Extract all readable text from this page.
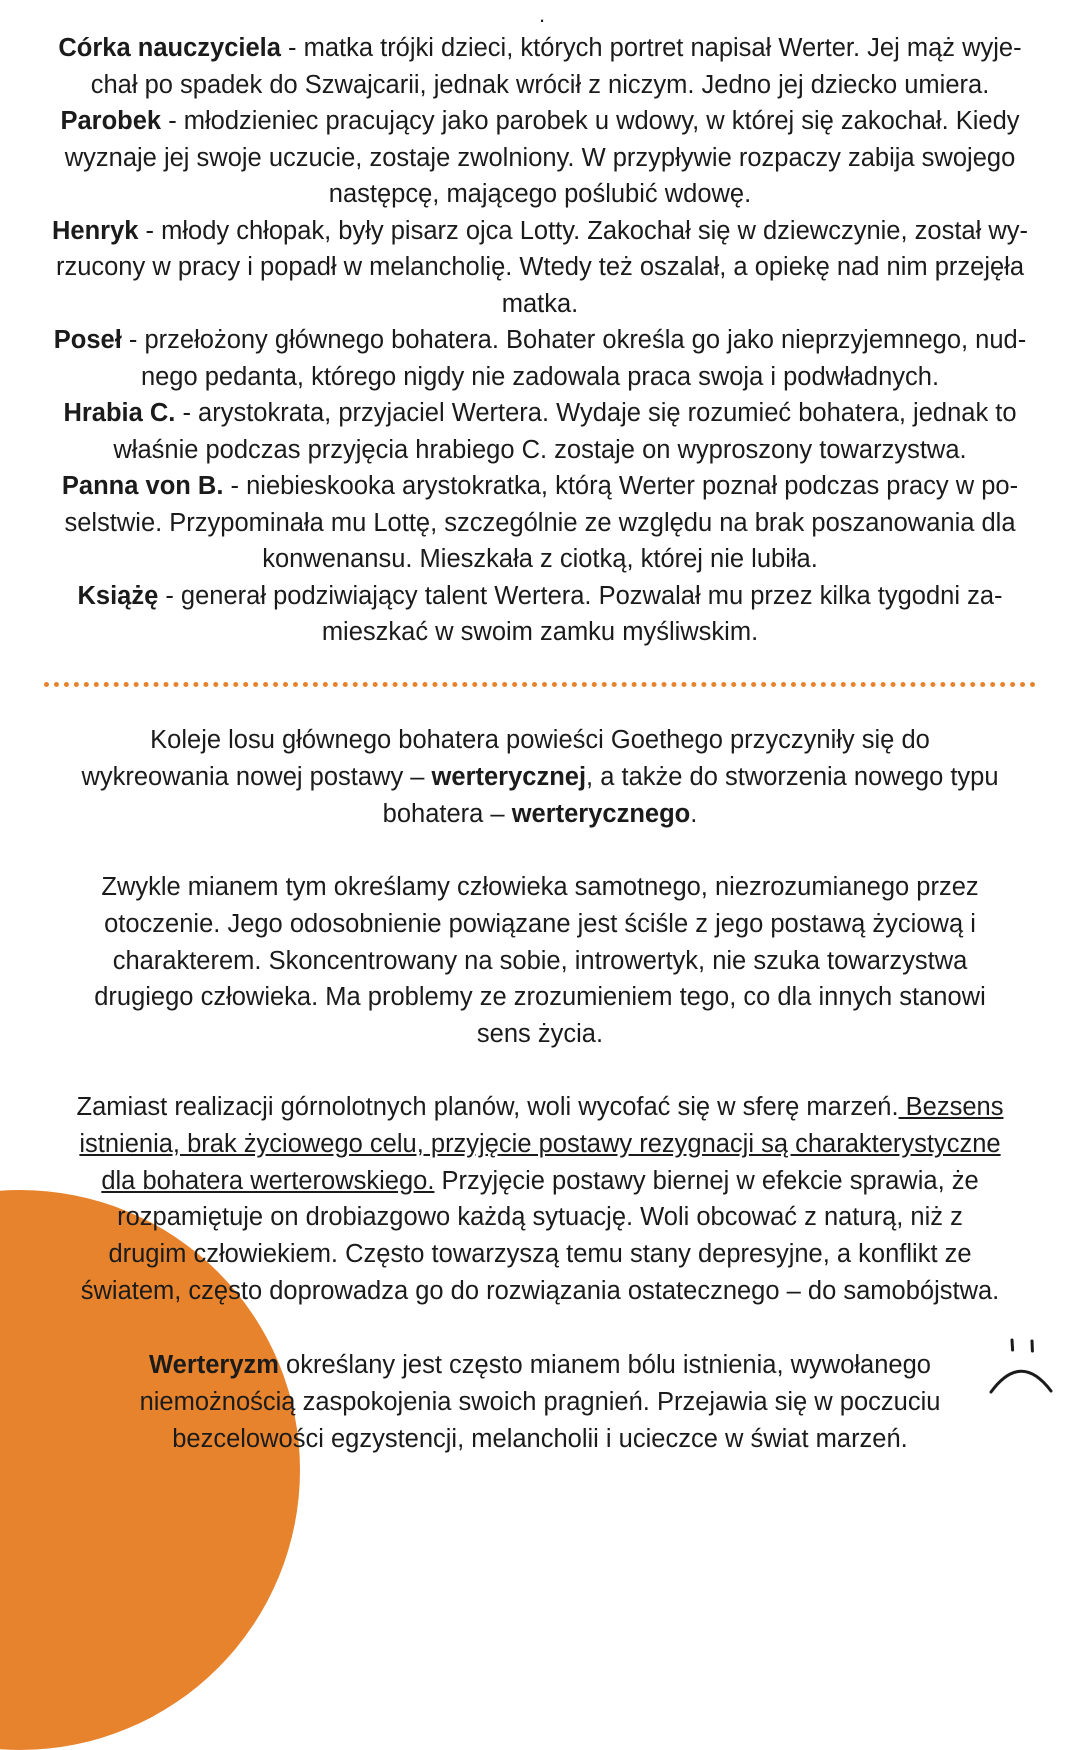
.

Córka nauczyciela - matka trójki dzieci, których portret napisał Werter. Jej mąż wyje-
chał po spadek do Szwajcarii, jednak wrócił z niczym. Jedno jej dziecko umiera.

Parobek - młodzieniec pracujący jako parobek u wdowy, w której się zakochał. Kiedy
wyznaje jej swoje uczucie, zostaje zwolniony. W przypływie rozpaczy zabija swojego
następcę, mającego poślubić wdowę.

Henryk - młody chłopak, były pisarz ojca Lotty. Zakochał się w dziewczynie, został wy-
rzucony w pracy i popadł w melancholię. Wtedy też oszalał, a opiekę nad nim przejęła
matka.

Poseł - przełożony głównego bohatera. Bohater określa go jako nieprzyjemnego, nud-
nego pedanta, którego nigdy nie zadowala praca swoja i podwładnych.

Hrabia C. - arystokrata, przyjaciel Wertera. Wydaje się rozumieć bohatera, jednak to
właśnie podczas przyjęcia hrabiego C. zostaje on wyproszony towarzystwa.

Panna von B. - niebieskooka arystokratka, którą Werter poznał podczas pracy w po-
selstwie. Przypominała mu Lottę, szczególnie ze względu na brak poszanowania dla
konwenansu. Mieszkała z ciotką, której nie lubiła.

Książę - generał podziwiający talent Wertera. Pozwalał mu przez kilka tygodni za-
mieszkać w swoim zamku myśliwskim.

Koleje losu głównego bohatera powieści Goethego przyczyniły się do
wykreowania nowej postawy – werterycznej, a także do stworzenia nowego typu
bohatera – werterycznego.

Zwykle mianem tym określamy człowieka samotnego, niezrozumianego przez
otoczenie. Jego odosobnienie powiązane jest ściśle z jego postawą życiową i
charakterem. Skoncentrowany na sobie, introwertyk, nie szuka towarzystwa
drugiego człowieka. Ma problemy ze zrozumieniem tego, co dla innych stanowi
sens życia.

Zamiast realizacji górnolotnych planów, woli wycofać się w sferę marzeń. Bezsens
istnienia, brak życiowego celu, przyjęcie postawy rezygnacji są charakterystyczne
dla bohatera werterowskiego. Przyjęcie postawy biernej w efekcie sprawia, że
rozpamiętuje on drobiazgowo każdą sytuację. Woli obcować z naturą, niż z
drugim człowiekiem. Często towarzyszą temu stany depresyjne, a konflikt ze
światem, często doprowadza go do rozwiązania ostatecznego – do samobójstwa.

Werteryzm określany jest często mianem bólu istnienia, wywołanego
niemożnością zaspokojenia swoich pragnień. Przejawia się w poczuciu
bezcelowości egzystencji, melancholii i ucieczce w świat marzeń.
